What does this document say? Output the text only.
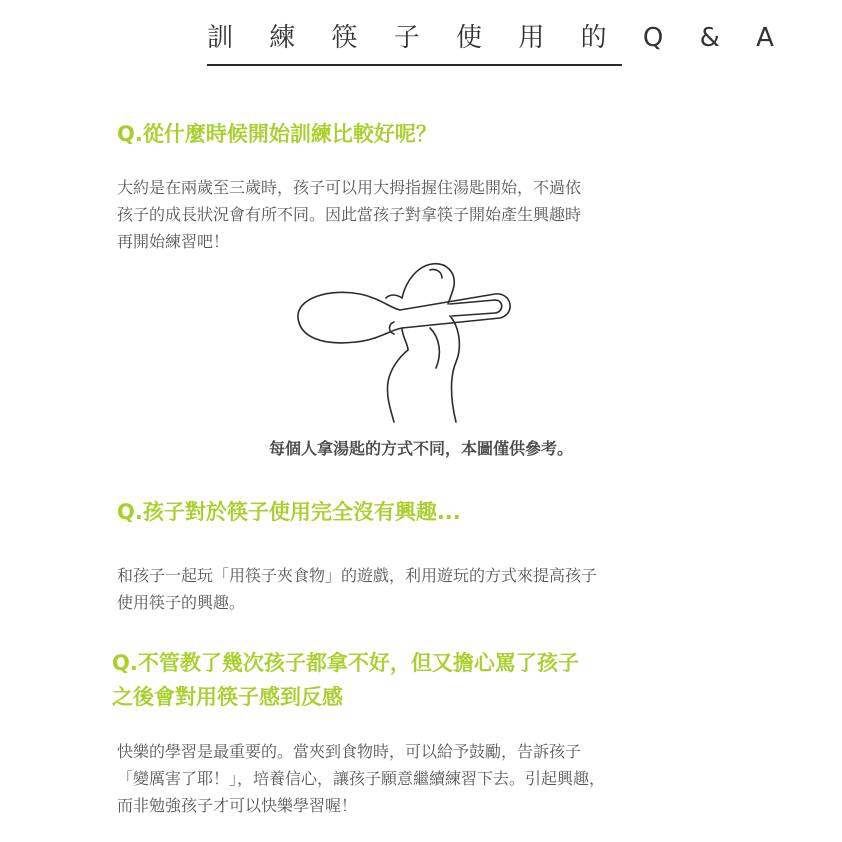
訓 練 筷 子 使 用 的 Q & A
Q.從什麼時候開始訓練比較好呢？
大約是在兩歲至三歲時，孩子可以用大拇指握住湯匙開始，不過依
孩子的成長狀況會有所不同。因此當孩子對拿筷子開始產生興趣時
再開始練習吧！
每個人拿湯匙的方式不同，本圖僅供參考。
Q.孩子對於筷子使用完全沒有興趣...
和孩子一起玩「用筷子夾食物」的遊戲，利用遊玩的方式來提高孩子
使用筷子的興趣。
Q.不管教了幾次孩子都拿不好，但又擔心罵了孩子
之後會對用筷子感到反感
快樂的學習是最重要的。當夾到食物時，可以給予鼓勵，告訴孩子
「變厲害了耶！」，培養信心，讓孩子願意繼續練習下去。引起興趣，
而非勉強孩子才可以快樂學習喔！
